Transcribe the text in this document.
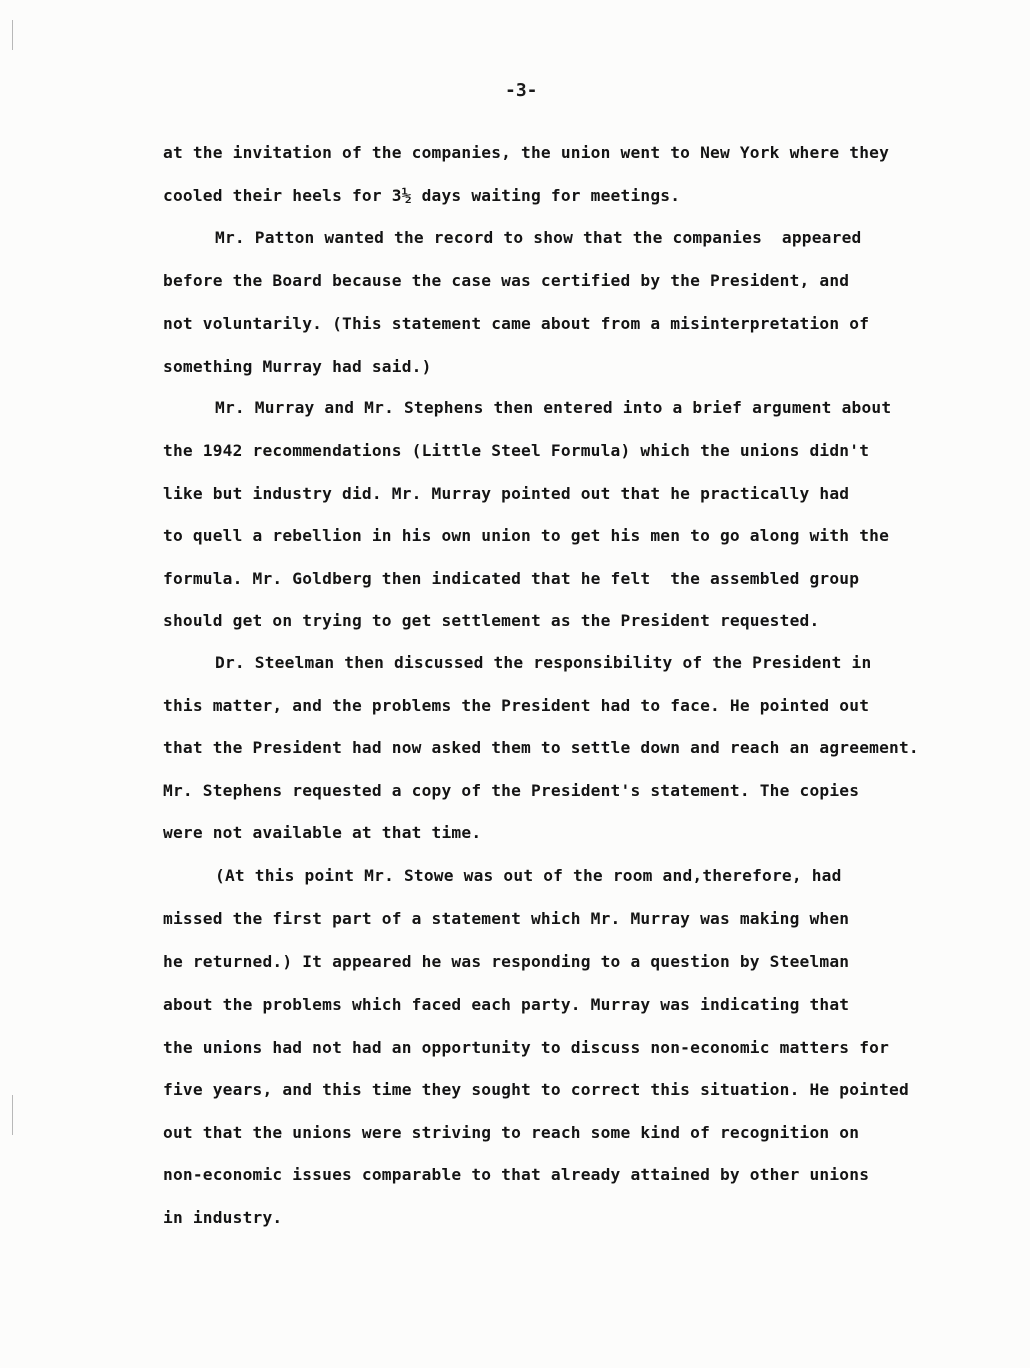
-3-
at the invitation of the companies, the union went to New York where they
cooled their heels for 3½ days waiting for meetings.
Mr. Patton wanted the record to show that the companies  appeared
before the Board because the case was certified by the President, and
not voluntarily. (This statement came about from a misinterpretation of
something Murray had said.)
Mr. Murray and Mr. Stephens then entered into a brief argument about
the 1942 recommendations (Little Steel Formula) which the unions didn't
like but industry did. Mr. Murray pointed out that he practically had
to quell a rebellion in his own union to get his men to go along with the
formula. Mr. Goldberg then indicated that he felt  the assembled group
should get on trying to get settlement as the President requested.
Dr. Steelman then discussed the responsibility of the President in
this matter, and the problems the President had to face. He pointed out
that the President had now asked them to settle down and reach an agreement.
Mr. Stephens requested a copy of the President's statement. The copies
were not available at that time.
(At this point Mr. Stowe was out of the room and,therefore, had
missed the first part of a statement which Mr. Murray was making when
he returned.) It appeared he was responding to a question by Steelman
about the problems which faced each party. Murray was indicating that
the unions had not had an opportunity to discuss non-economic matters for
five years, and this time they sought to correct this situation. He pointed
out that the unions were striving to reach some kind of recognition on
non-economic issues comparable to that already attained by other unions
in industry.
